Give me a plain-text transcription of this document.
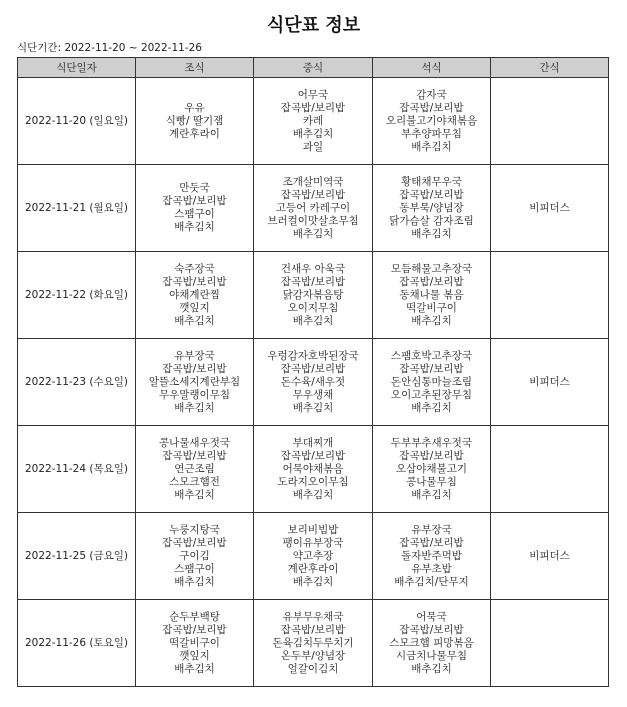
식단표 정보
식단기간: 2022-11-20 ~ 2022-11-26
식단일자	조식	중식	석식	간식
2022-11-20 (일요일)	우유
식빵/ 딸기잼
계란후라이	어무국
잡곡밥/보리밥
카레
배추김치
과일	감자국
잡곡밥/보리밥
오리불고기야채볶음
부추양파무침
배추김치	

2022-11-21 (월요일)	만둣국
잡곡밥/보리밥
스팸구이
배추김치	조개살미역국
잡곡밥/보리밥
고등어 카레구이
브러컬이맛살초무침
배추김치	황태채무우국
잡곡밥/보리밥
동부묵/양념장
닭가슴살 감자조림
배추김치	비피더스

2022-11-22 (화요일)	숙주장국
잡곡밥/보리밥
야채계란찜
깻잎지
배추김치	건새우 아욱국
잡곡밥/보리밥
닭감자볶음탕
오이지무침
배추김치	모듬해물고추장국
잡곡밥/보리밥
동채나물 볶음
떡갈비구이
배추김치	

2022-11-23 (수요일)	유부장국
잡곡밥/보리밥
알뜰소세지계란부침
무우말랭이무침
배추김치	우렁감자호박된장국
잡곡밥/보리밥
돈수육/새우젓
무우생채
배추김치	스팸호박고추장국
잡곡밥/보리밥
돈안심통마늘조림
오이고추된장무침
배추김치	비피더스

2022-11-24 (목요일)	콩나물새우젓국
잡곡밥/보리밥
연근조림
스모크햄전
배추김치	부대찌개
잡곡밥/보리밥
어묵야채볶음
도라지오이무침
배추김치	두부부추새우젓국
잡곡밥/보리밥
오삼야채불고기
콩나물무침
배추김치	

2022-11-25 (금요일)	누룽지탕국
잡곡밥/보리밥
구이김
스팸구이
배추김치	보리비빔밥
팽이유부장국
약고추장
계란후라이
배추김치	유부장국
잡곡밥/보리밥
돌자반주먹밥
유부초밥
배추김치/단무지	비피더스

2022-11-26 (토요일)	순두부백탕
잡곡밥/보리밥
떡갈비구이
깻잎지
배추김치	유부무우채국
잡곡밥/보리밥
돈육김치두루치기
온두부/양념장
얼갈이김치	어묵국
잡곡밥/보리밥
스모크햄 피망볶음
시금치나물무침
배추김치	
